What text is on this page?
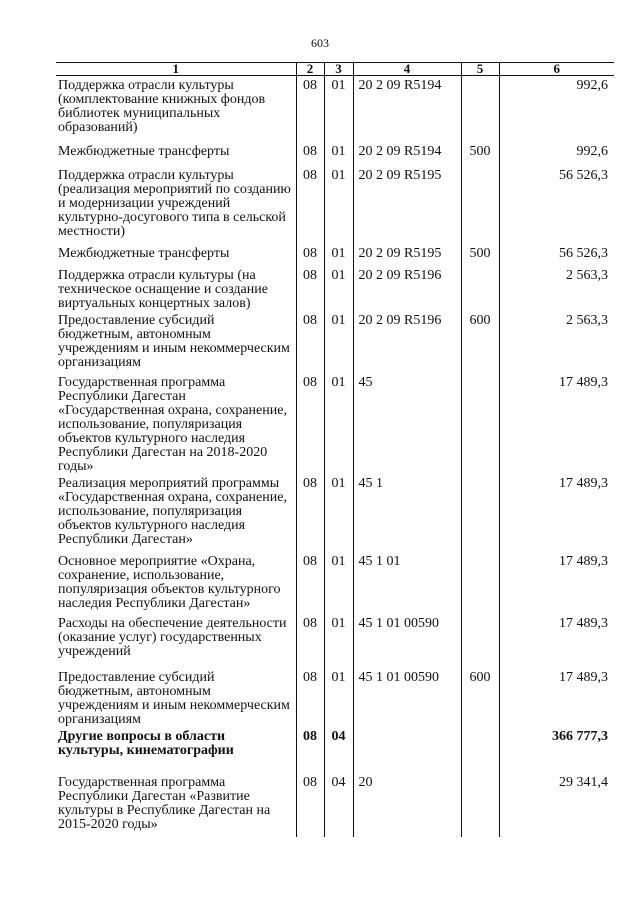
603
1	2	3	4	5	6
Поддержка отрасли культуры (комплектование книжных фондов библиотек муниципальных образований)	08	01	20 2 09 R5194		992,6
Межбюджетные трансферты	08	01	20 2 09 R5194	500	992,6
Поддержка отрасли культуры (реализация мероприятий по созданию и модернизации учреждений культурно-досугового типа в сельской местности)	08	01	20 2 09 R5195		56 526,3
Межбюджетные трансферты	08	01	20 2 09 R5195	500	56 526,3
Поддержка отрасли культуры (на техническое оснащение и создание виртуальных концертных залов)	08	01	20 2 09 R5196		2 563,3
Предоставление субсидий бюджетным, автономным учреждениям и иным некоммерческим организациям	08	01	20 2 09 R5196	600	2 563,3
Государственная программа Республики Дагестан «Государственная охрана, сохранение, использование, популяризация объектов культурного наследия Республики Дагестан на 2018-2020 годы»	08	01	45		17 489,3
Реализация мероприятий программы «Государственная охрана, сохранение, использование, популяризация объектов культурного наследия Республики Дагестан»	08	01	45 1		17 489,3
Основное мероприятие «Охрана, сохранение, использование, популяризация объектов культурного наследия Республики Дагестан»	08	01	45 1 01		17 489,3
Расходы на обеспечение деятельности (оказание услуг) государственных учреждений	08	01	45 1 01 00590		17 489,3
Предоставление субсидий бюджетным, автономным учреждениям и иным некоммерческим организациям	08	01	45 1 01 00590	600	17 489,3
Другие вопросы в области культуры, кинематографии	08	04			366 777,3
Государственная программа Республики Дагестан «Развитие культуры в Республике Дагестан на 2015-2020 годы»	08	04	20		29 341,4
